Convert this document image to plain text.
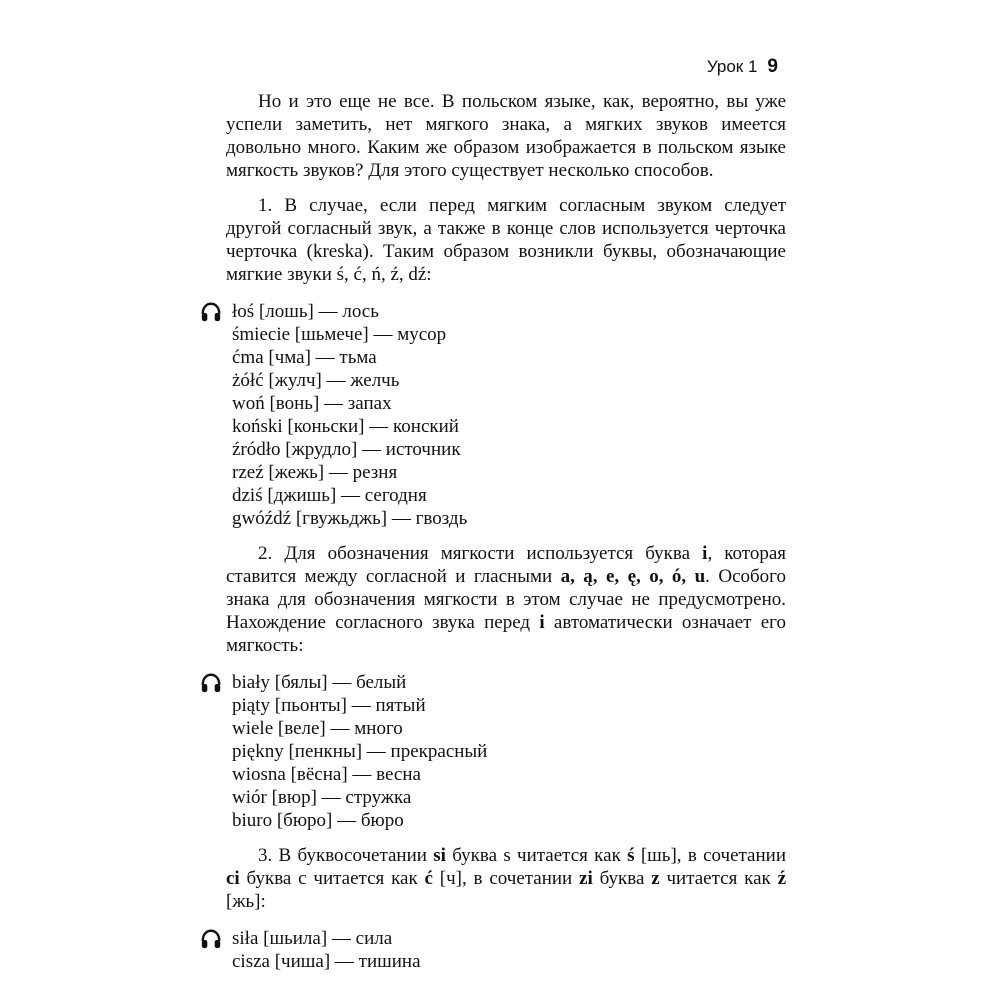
Урок 1 9

Но и это еще не все. В польском языке, как, вероятно, вы уже успели заметить, нет мягкого знака, а мягких звуков имеется довольно много. Каким же образом изображается в польском языке мягкость звуков? Для этого существует несколько способов.

1. В случае, если перед мягким согласным звуком следует другой согласный звук, а также в конце слов используется черточка черточка (kreska). Таким образом возникли буквы, обозначающие мягкие звуки ś, ć, ń, ź, dź:

łoś [лошь] — лось
śmiecie [шьмече] — мусор
ćma [чма] — тьма
żółć [жулч] — желчь
woń [вонь] — запах
koński [коньски] — конский
źródło [жрудло] — источник
rzeź [жежь] — резня
dziś [джишь] — сегодня
gwóźdź [гвужьджь] — гвоздь

2. Для обозначения мягкости используется буква i, которая ставится между согласной и гласными a, ą, e, ę, o, ó, u. Особого знака для обозначения мягкости в этом случае не предусмотрено. Нахождение согласного звука перед i автоматически означает его мягкость:

biały [бялы] — белый
piąty [пьонты] — пятый
wiele [веле] — много
piękny [пенкны] — прекрасный
wiosna [вёсна] — весна
wiór [вюр] — стружка
biuro [бюро] — бюро

3. В буквосочетании si буква s читается как ś [шь], в сочетании ci буква c читается как ć [ч], в сочетании zi буква z читается как ź [жь]:

siła [шьила] — сила
cisza [чиша] — тишина
